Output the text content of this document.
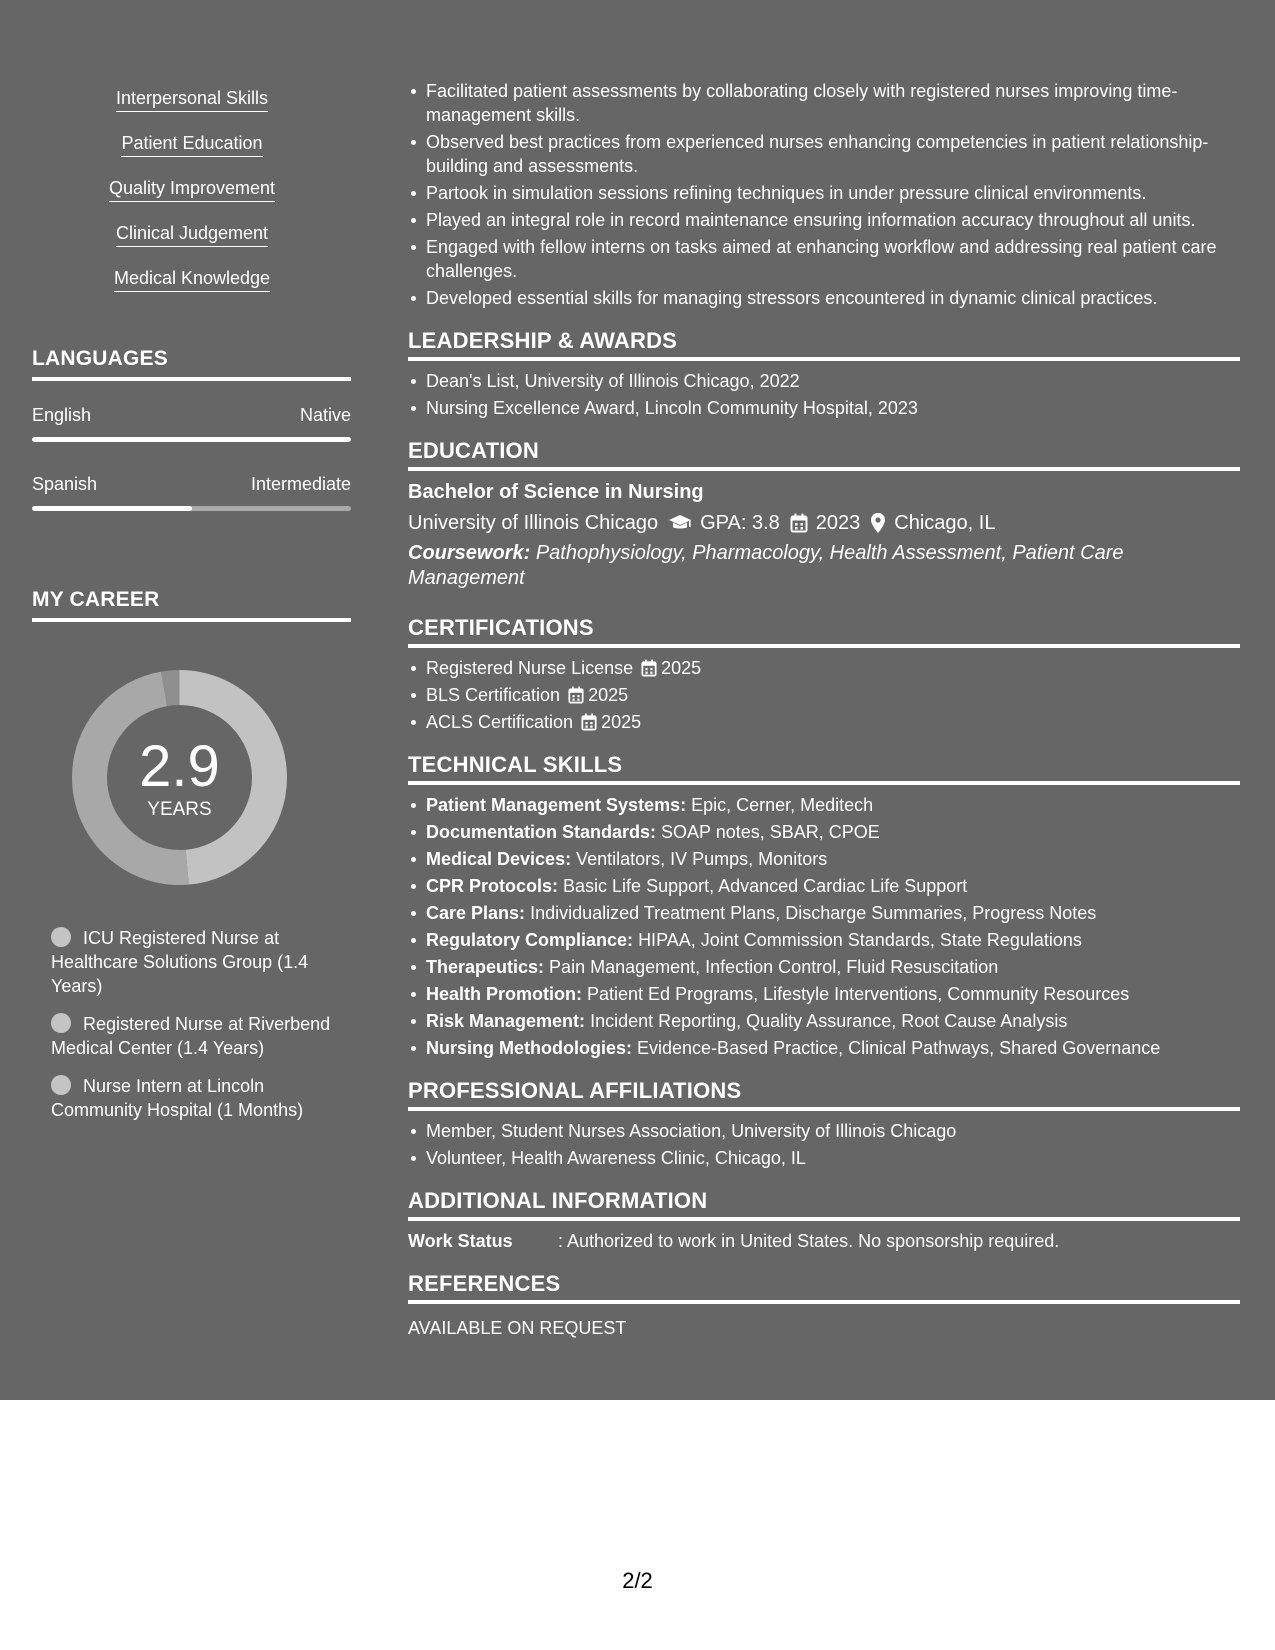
Interpersonal Skills
Patient Education
Quality Improvement
Clinical Judgement
Medical Knowledge
LANGUAGES
English	Native
Spanish	Intermediate
MY CAREER
2.9
YEARS
ICU Registered Nurse at Healthcare Solutions Group (1.4 Years)
Registered Nurse at Riverbend Medical Center (1.4 Years)
Nurse Intern at Lincoln Community Hospital (1 Months)
Facilitated patient assessments by collaborating closely with registered nurses improving time-management skills.
Observed best practices from experienced nurses enhancing competencies in patient relationship-building and assessments.
Partook in simulation sessions refining techniques in under pressure clinical environments.
Played an integral role in record maintenance ensuring information accuracy throughout all units.
Engaged with fellow interns on tasks aimed at enhancing workflow and addressing real patient care challenges.
Developed essential skills for managing stressors encountered in dynamic clinical practices.
LEADERSHIP & AWARDS
Dean's List, University of Illinois Chicago, 2022
Nursing Excellence Award, Lincoln Community Hospital, 2023
EDUCATION
Bachelor of Science in Nursing
University of Illinois Chicago GPA: 3.8 2023 Chicago, IL
Coursework: Pathophysiology, Pharmacology, Health Assessment, Patient Care Management
CERTIFICATIONS
Registered Nurse License 2025
BLS Certification 2025
ACLS Certification 2025
TECHNICAL SKILLS
Patient Management Systems: Epic, Cerner, Meditech
Documentation Standards: SOAP notes, SBAR, CPOE
Medical Devices: Ventilators, IV Pumps, Monitors
CPR Protocols: Basic Life Support, Advanced Cardiac Life Support
Care Plans: Individualized Treatment Plans, Discharge Summaries, Progress Notes
Regulatory Compliance: HIPAA, Joint Commission Standards, State Regulations
Therapeutics: Pain Management, Infection Control, Fluid Resuscitation
Health Promotion: Patient Ed Programs, Lifestyle Interventions, Community Resources
Risk Management: Incident Reporting, Quality Assurance, Root Cause Analysis
Nursing Methodologies: Evidence-Based Practice, Clinical Pathways, Shared Governance
PROFESSIONAL AFFILIATIONS
Member, Student Nurses Association, University of Illinois Chicago
Volunteer, Health Awareness Clinic, Chicago, IL
ADDITIONAL INFORMATION
Work Status	: Authorized to work in United States. No sponsorship required.
REFERENCES
AVAILABLE ON REQUEST
2/2
